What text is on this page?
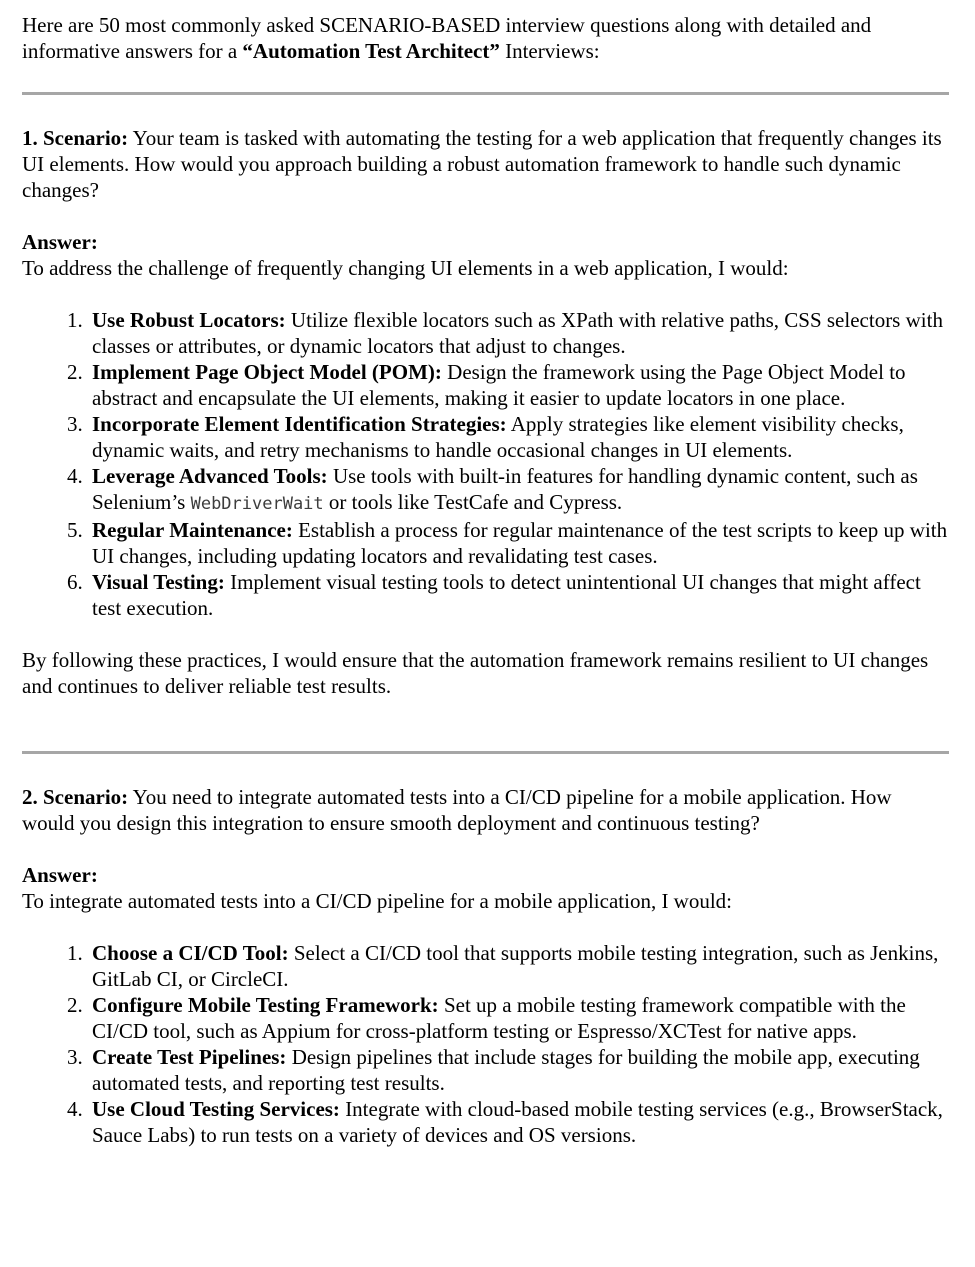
Here are 50 most commonly asked SCENARIO-BASED interview questions along with detailed and informative answers for a “Automation Test Architect” Interviews:

1. Scenario: Your team is tasked with automating the testing for a web application that frequently changes its UI elements. How would you approach building a robust automation framework to handle such dynamic changes?

Answer:

To address the challenge of frequently changing UI elements in a web application, I would:

1. Use Robust Locators: Utilize flexible locators such as XPath with relative paths, CSS selectors with classes or attributes, or dynamic locators that adjust to changes.
2. Implement Page Object Model (POM): Design the framework using the Page Object Model to abstract and encapsulate the UI elements, making it easier to update locators in one place.
3. Incorporate Element Identification Strategies: Apply strategies like element visibility checks, dynamic waits, and retry mechanisms to handle occasional changes in UI elements.
4. Leverage Advanced Tools: Use tools with built-in features for handling dynamic content, such as Selenium’s WebDriverWait or tools like TestCafe and Cypress.
5. Regular Maintenance: Establish a process for regular maintenance of the test scripts to keep up with UI changes, including updating locators and revalidating test cases.
6. Visual Testing: Implement visual testing tools to detect unintentional UI changes that might affect test execution.

By following these practices, I would ensure that the automation framework remains resilient to UI changes and continues to deliver reliable test results.

2. Scenario: You need to integrate automated tests into a CI/CD pipeline for a mobile application. How would you design this integration to ensure smooth deployment and continuous testing?

Answer:

To integrate automated tests into a CI/CD pipeline for a mobile application, I would:

1. Choose a CI/CD Tool: Select a CI/CD tool that supports mobile testing integration, such as Jenkins, GitLab CI, or CircleCI.
2. Configure Mobile Testing Framework: Set up a mobile testing framework compatible with the CI/CD tool, such as Appium for cross-platform testing or Espresso/XCTest for native apps.
3. Create Test Pipelines: Design pipelines that include stages for building the mobile app, executing automated tests, and reporting test results.
4. Use Cloud Testing Services: Integrate with cloud-based mobile testing services (e.g., BrowserStack, Sauce Labs) to run tests on a variety of devices and OS versions.
